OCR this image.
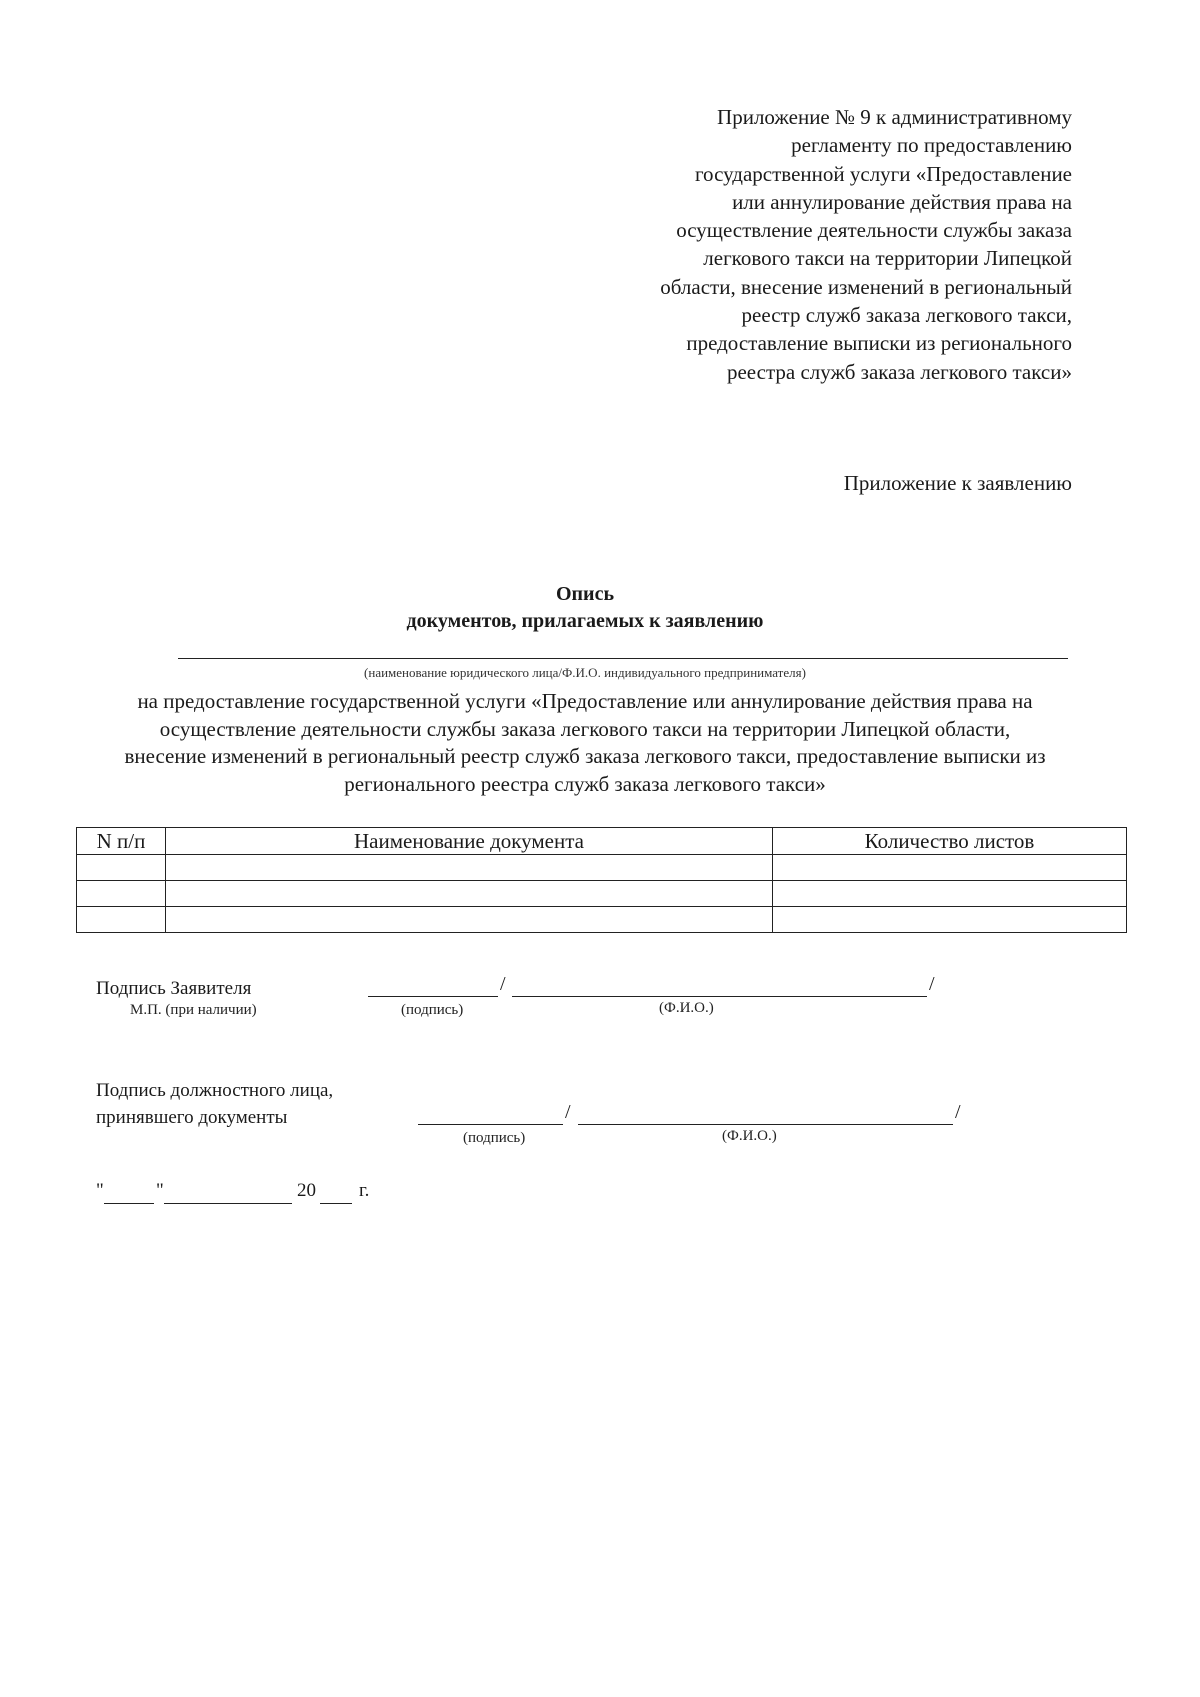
Приложение № 9 к административному
регламенту по предоставлению
государственной услуги «Предоставление
или аннулирование действия права на
осуществление деятельности службы заказа
легкового такси на территории Липецкой
области, внесение изменений в региональный
реестр служб заказа легкового такси,
предоставление выписки из регионального
реестра служб заказа легкового такси»
Приложение к заявлению
Опись
документов, прилагаемых к заявлению
(наименование юридического лица/Ф.И.О. индивидуального предпринимателя)
на предоставление государственной услуги «Предоставление или аннулирование действия права на
осуществление деятельности службы заказа легкового такси на территории Липецкой области,
внесение изменений в региональный реестр служб заказа легкового такси, предоставление выписки из
регионального реестра служб заказа легкового такси»
N п/п	Наименование документа	Количество листов

Подпись Заявителя
М.П. (при наличии)
/	/
(подпись)	(Ф.И.О.)
Подпись должностного лица,
принявшего документы	/	/
(подпись)	(Ф.И.О.)
"	"	20 г.
